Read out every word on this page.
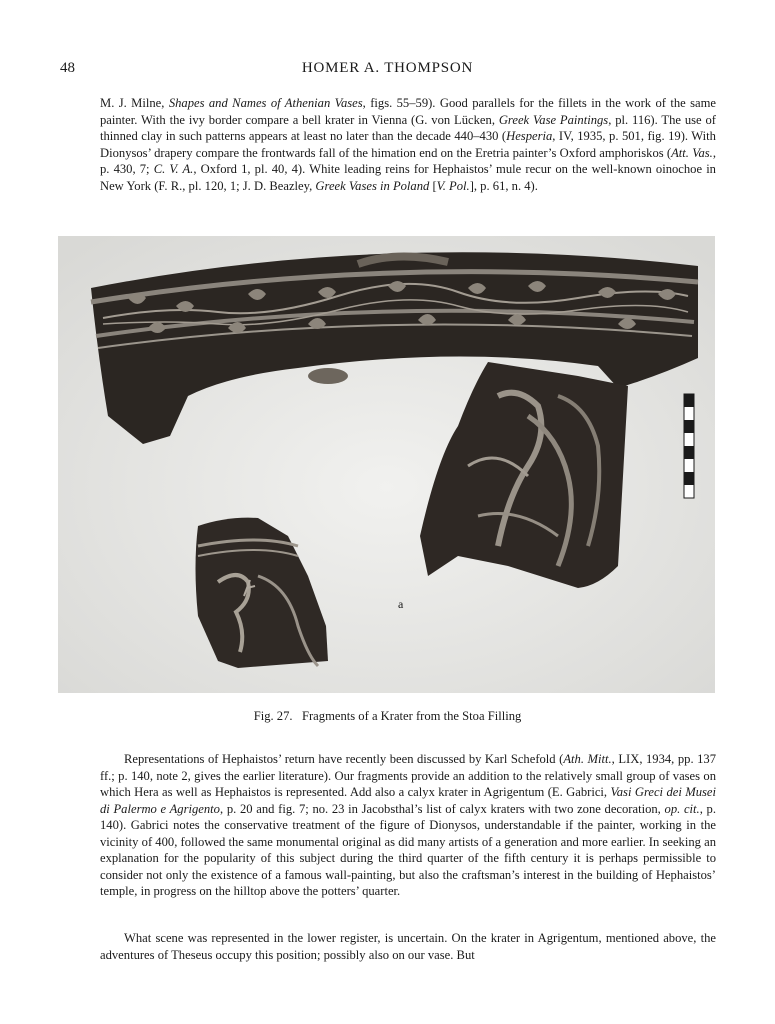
48	HOMER A. THOMPSON

M. J. Milne, Shapes and Names of Athenian Vases, figs. 55–59). Good parallels for the fillets in the work of the same painter. With the ivy border compare a bell krater in Vienna (G. von Lücken, Greek Vase Paintings, pl. 116). The use of thinned clay in such patterns appears at least no later than the decade 440–430 (Hesperia, IV, 1935, p. 501, fig. 19). With Dionysos’ drapery compare the frontwards fall of the himation end on the Eretria painter’s Oxford amphoriskos (Att. Vas., p. 430, 7; C. V. A., Oxford 1, pl. 40, 4). White leading reins for Hephaistos’ mule recur on the well-known oinochoe in New York (F. R., pl. 120, 1; J. D. Beazley, Greek Vases in Poland [V. Pol.], p. 61, n. 4).

a
Fig. 27.   Fragments of a Krater from the Stoa Filling

Representations of Hephaistos’ return have recently been discussed by Karl Schefold (Ath. Mitt., LIX, 1934, pp. 137 ff.; p. 140, note 2, gives the earlier literature). Our fragments provide an addition to the relatively small group of vases on which Hera as well as Hephaistos is represented. Add also a calyx krater in Agrigentum (E. Gabrici, Vasi Greci dei Musei di Palermo e Agrigento, p. 20 and fig. 7; no. 23 in Jacobsthal’s list of calyx kraters with two zone decoration, op. cit., p. 140). Gabrici notes the conservative treatment of the figure of Dionysos, understandable if the painter, working in the vicinity of 400, followed the same monumental original as did many artists of a generation and more earlier. In seeking an explanation for the popularity of this subject during the third quarter of the fifth century it is perhaps permissible to consider not only the existence of a famous wall-painting, but also the craftsman’s interest in the building of Hephaistos’ temple, in progress on the hilltop above the potters’ quarter.

What scene was represented in the lower register, is uncertain. On the krater in Agrigentum, mentioned above, the adventures of Theseus occupy this position; possibly also on our vase. But
